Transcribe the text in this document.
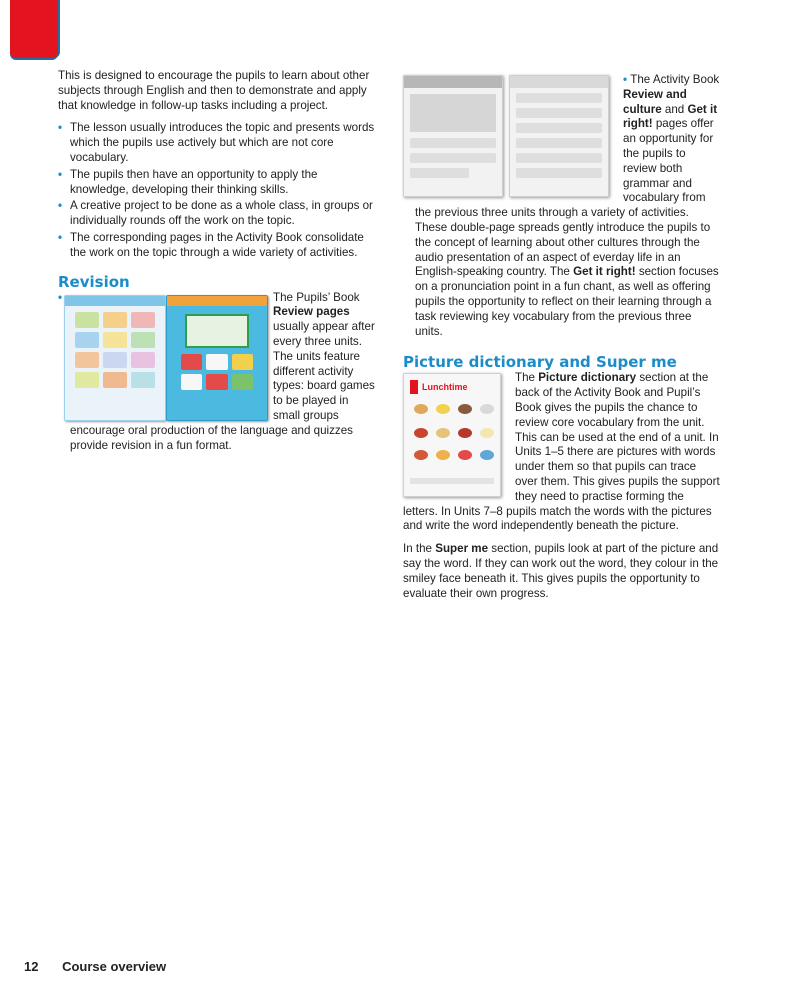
This is designed to encourage the pupils to learn about other subjects through English and then to demonstrate and apply that knowledge in follow-up tasks including a project.

• The lesson usually introduces the topic and presents words which the pupils use actively but which are not core vocabulary.
• The pupils then have an opportunity to apply the knowledge, developing their thinking skills.
• A creative project to be done as a whole class, in groups or individually rounds off the work on the topic.
• The corresponding pages in the Activity Book consolidate the work on the topic through a wide variety of activities.
Revision

•	The Pupils’ Book Review pages usually appear after every three units. The units feature different activity types: board games to be played in small groups encourage oral production of the language and quizzes provide revision in a fun format.

• The Activity Book Review and culture and Get it right! pages offer an opportunity for the pupils to review both grammar and vocabulary from the previous three units through a variety of activities. These double-page spreads gently introduce the pupils to the concept of learning about other cultures through the audio presentation of an aspect of everday life in an English-speaking country. The Get it right! section focuses on a pronunciation point in a fun chant, as well as offering pupils the opportunity to reflect on their learning through a task reviewing key vocabulary from the previous three units.

Picture dictionary and Super me
Lunchtime

The Picture dictionary section at the back of the Activity Book and Pupil’s Book gives the pupils the chance to review core vocabulary from the unit. This can be used at the end of a unit. In Units 1–5 there are pictures with words under them so that pupils can trace over them. This gives pupils the support they need to practise forming the letters. In Units 7–8 pupils match the words with the pictures and write the word independently beneath the picture.

In the Super me section, pupils look at part of the picture and say the word. If they can work out the word, they colour in the smiley face beneath it. This gives pupils the opportunity to evaluate their own progress.

12 Course overview
